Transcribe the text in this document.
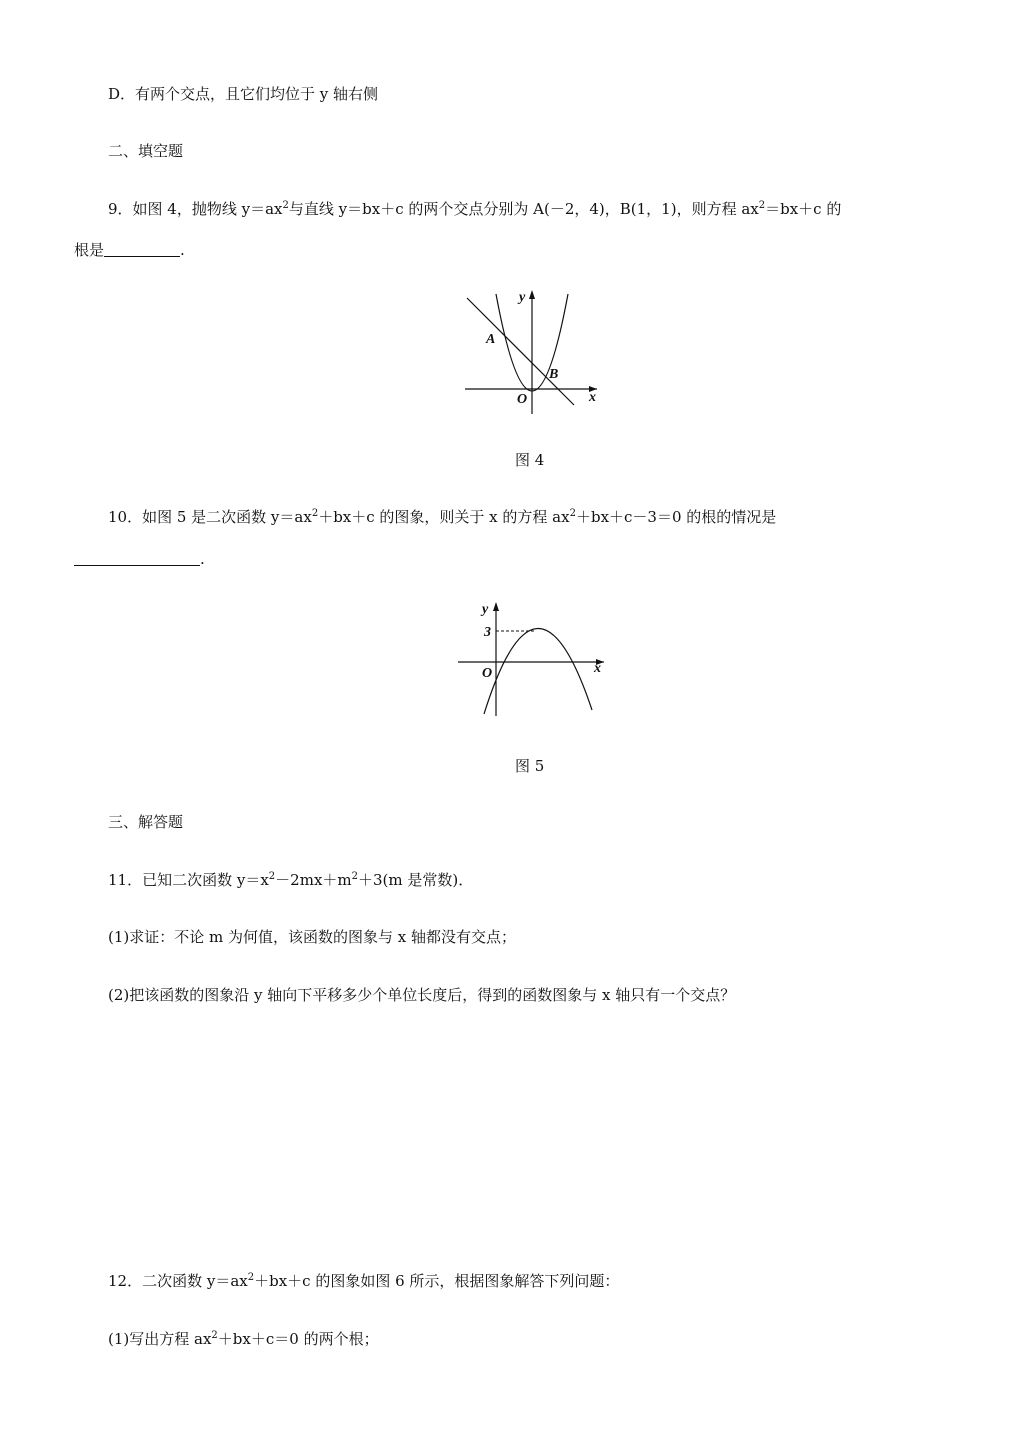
D．有两个交点，且它们均位于 y 轴右侧
二、填空题
9．如图 4，抛物线 $y=ax^2$与直线 y＝bx＋c 的两个交点分别为 A(－2，4)，B(1，1)，则方程 $ax^2=bx+c$ 的
根是	.
y
x
O
A
B
图 4
10．如图 5 是二次函数 $y=ax^2+bx+c$ 的图象，则关于 x 的方程 $ax^2+bx+c-3=0$ 的根的情况是
.
y
x
O
3
图 5
三、解答题
11．已知二次函数 $y=x^2-2mx+m^2+3(m$ 是常数)．
(1)求证：不论 m 为何值，该函数的图象与 x 轴都没有交点；
(2)把该函数的图象沿 y 轴向下平移多少个单位长度后，得到的函数图象与 x 轴只有一个交点？
12．二次函数 $y=ax^2+bx+c$ 的图象如图 6 所示，根据图象解答下列问题：
(1)写出方程 $ax^2+bx+c=0$ 的两个根；
